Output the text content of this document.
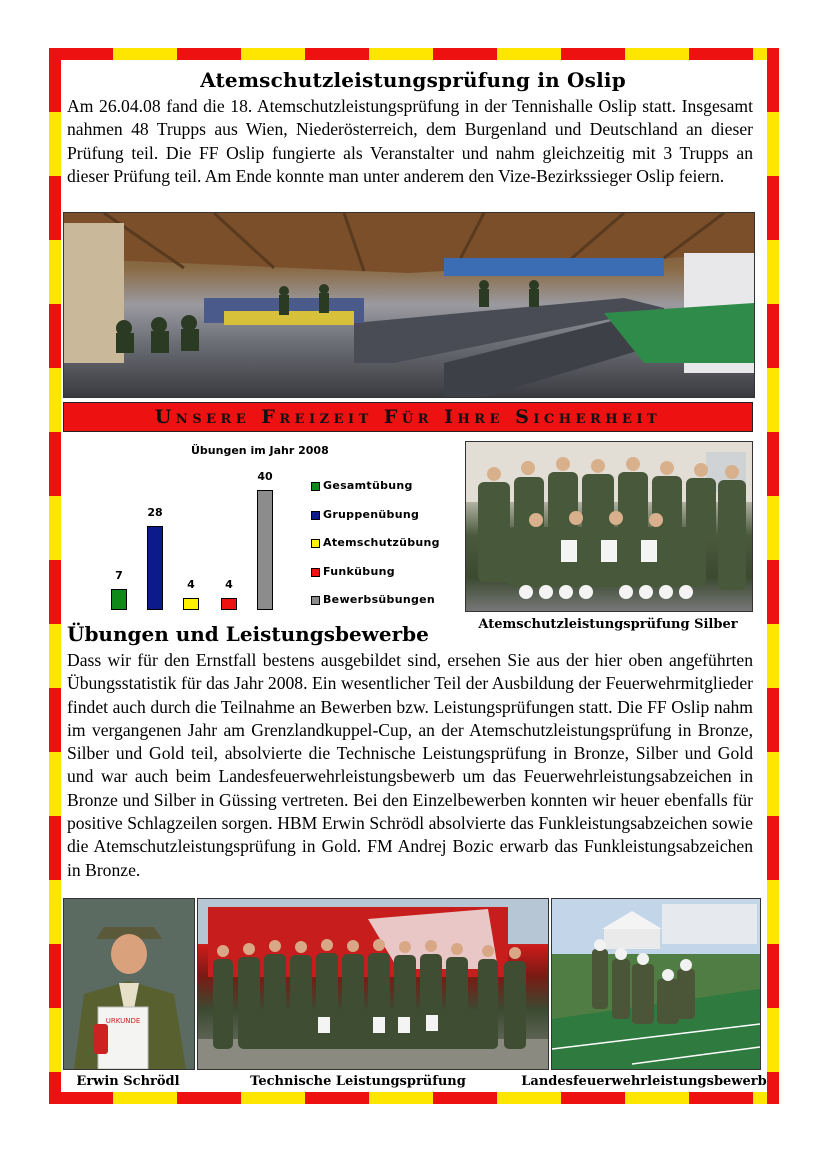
Atemschutzleistungsprüfung in Oslip
Am 26.04.08 fand die 18. Atemschutzleistungsprüfung in der Tennishalle Oslip statt. Insgesamt nahmen 48 Trupps aus Wien, Niederösterreich, dem Burgenland und Deutschland an dieser Prüfung teil. Die FF Oslip fungierte als Veranstalter und nahm gleichzeitig mit 3 Trupps an dieser Prüfung teil. Am Ende konnte man unter anderem den Vize-Bezirkssieger Oslip feiern.
Unsere Freizeit Für Ihre Sicherheit
Übungen im Jahr 2008
7
28
4	4
40
Gesamtübung
Gruppenübung
Atemschutzübung
Funkübung
Bewerbsübungen
Atemschutzleistungsprüfung Silber
Übungen und Leistungsbewerbe
Dass wir für den Ernstfall bestens ausgebildet sind, ersehen Sie aus der hier oben angeführten Übungsstatistik für das Jahr 2008. Ein wesentlicher Teil der Ausbildung der Feuerwehrmitglieder findet auch durch die Teilnahme an Bewerben bzw. Leistungsprüfungen statt. Die FF Oslip nahm im vergangenen Jahr am Grenzlandkuppel-Cup, an der Atemschutzleistungsprüfung in Bronze, Silber und Gold teil, absolvierte die Technische Leistungsprüfung in Bronze, Silber und Gold und war auch beim Landesfeuerwehrleistungsbewerb um das Feuerwehrleistungsabzeichen in Bronze und Silber in Güssing vertreten. Bei den Einzelbewerben konnten wir heuer ebenfalls für positive Schlagzeilen sorgen. HBM Erwin Schrödl absolvierte das Funkleistungsabzeichen sowie die Atemschutzleistungsprüfung in Gold. FM Andrej Bozic erwarb das Funkleistungsabzeichen in Bronze.
URKUNDE
Erwin Schrödl	Technische Leistungsprüfung	Landesfeuerwehrleistungsbewerb
